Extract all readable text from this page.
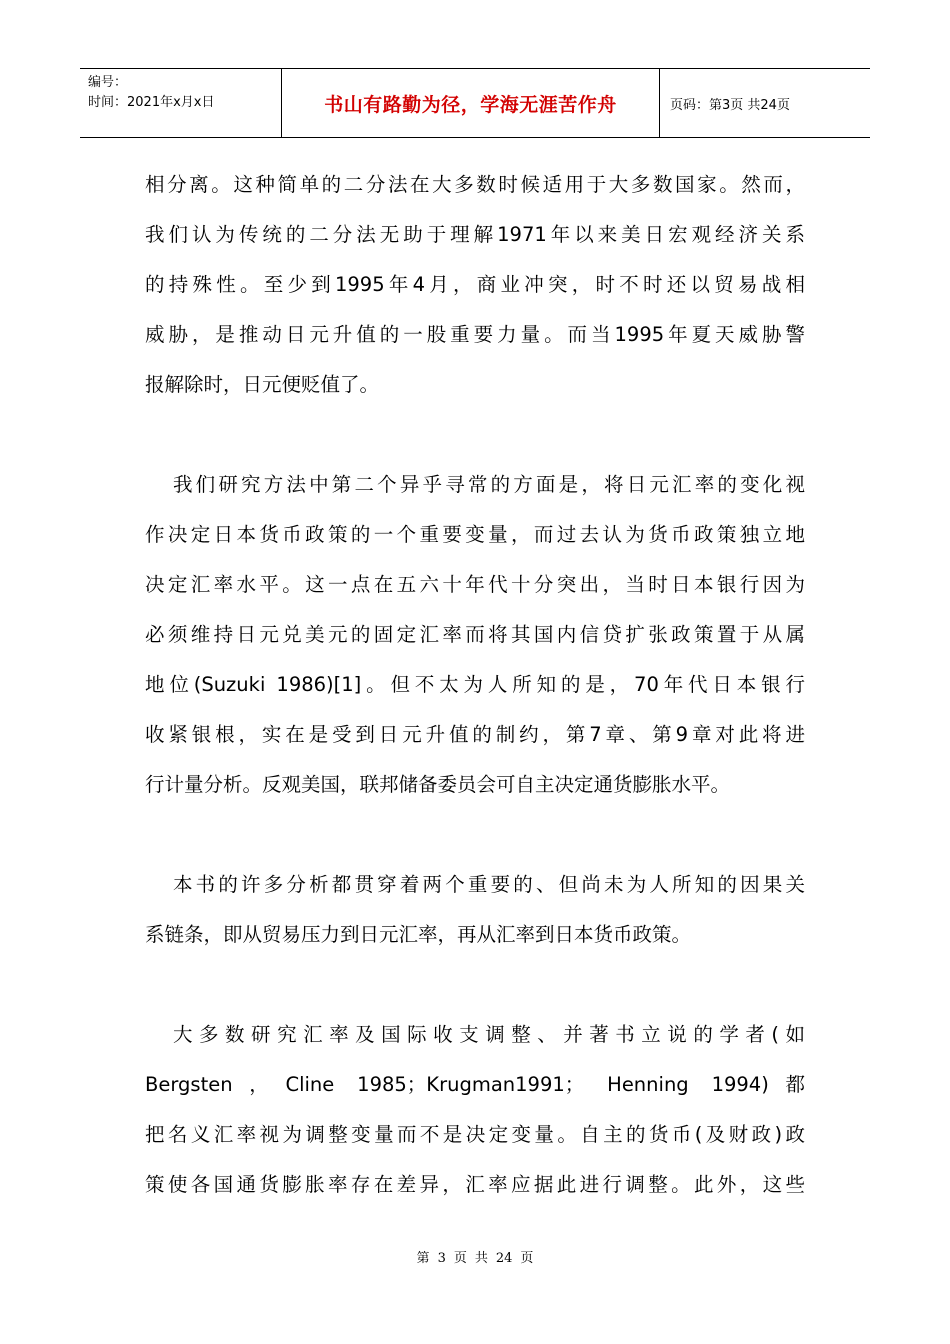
编号：
时间：2021年x月x日	书山有路勤为径，学海无涯苦作舟	页码：第3页 共24页
相分离。这种简单的二分法在大多数时候适用于大多数国家。然而，
我们认为传统的二分法无助于理解1971年以来美日宏观经济关系
的持殊性。至少到1995年4月，商业冲突，时不时还以贸易战相
威胁，是推动日元升值的一股重要力量。而当1995年夏天威胁警
报解除时，日元便贬值了。
我们研究方法中第二个异乎寻常的方面是，将日元汇率的变化视
作决定日本货币政策的一个重要变量，而过去认为货币政策独立地
决定汇率水平。这一点在五六十年代十分突出，当时日本银行因为
必须维持日元兑美元的固定汇率而将其国内信贷扩张政策置于从属
地位(Suzuki 1986)[1]。但不太为人所知的是，70年代日本银行
收紧银根，实在是受到日元升值的制约，第7章、第9章对此将进
行计量分析。反观美国，联邦储备委员会可自主决定通货膨胀水平。
本书的许多分析都贯穿着两个重要的、但尚未为人所知的因果关
系链条，即从贸易压力到日元汇率，再从汇率到日本货币政策。
大多数研究汇率及国际收支调整、并著书立说的学者(如
Bergsten，Cline 1985；Krugman1991； Henning 1994)都
把名义汇率视为调整变量而不是决定变量。自主的货币(及财政)政
策使各国通货膨胀率存在差异，汇率应据此进行调整。此外，这些
第 3 页 共 24 页
